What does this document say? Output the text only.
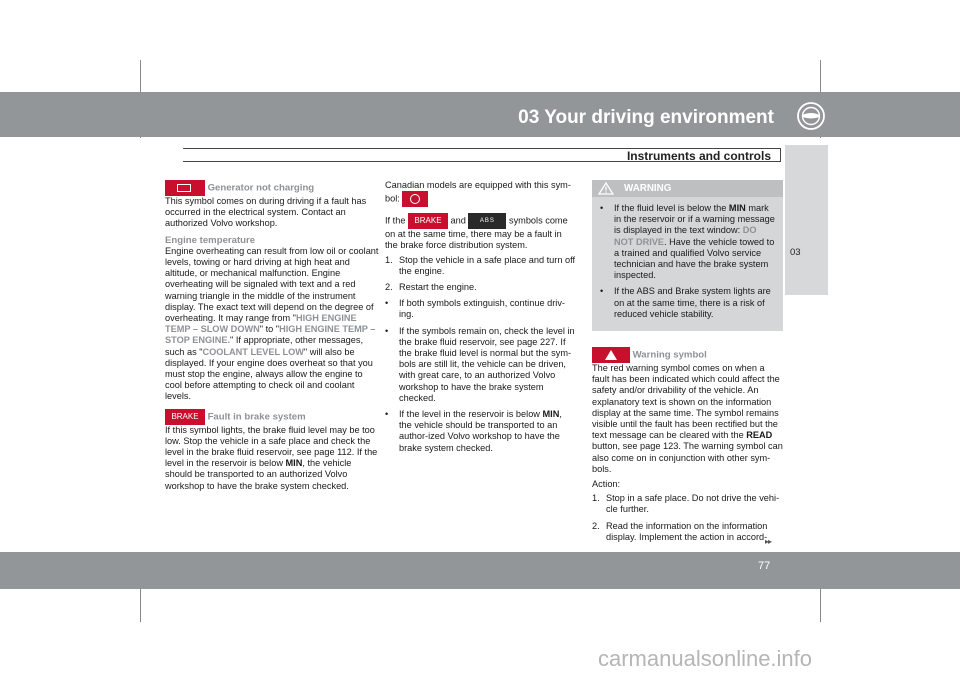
03 Your driving environment
Instruments and controls
03

Generator not charging
This symbol comes on during driving if a fault has occurred in the electrical system. Contact an authorized Volvo workshop.

Engine temperature
Engine overheating can result from low oil or coolant levels, towing or hard driving at high heat and altitude, or mechanical malfunction. Engine overheating will be signaled with text and a red warning triangle in the middle of the instrument display. The exact text will depend on the degree of overheating. It may range from "HIGH ENGINE TEMP – SLOW DOWN" to "HIGH ENGINE TEMP – STOP ENGINE." If appropriate, other messages, such as "COOLANT LEVEL LOW" will also be displayed. If your engine does overheat so that you must stop the engine, always allow the engine to cool before attempting to check oil and coolant levels.

BRAKE Fault in brake system
If this symbol lights, the brake fluid level may be too low. Stop the vehicle in a safe place and check the level in the brake fluid reservoir, see page 112. If the level in the reservoir is below MIN, the vehicle should be transported to an authorized Volvo workshop to have the brake system checked.

Canadian models are equipped with this sym-bol:

If the BRAKE and ABS symbols come on at the same time, there may be a fault in the brake force distribution system.

1. Stop the vehicle in a safe place and turn off the engine.
2. Restart the engine.
• If both symbols extinguish, continue driv-ing.
• If the symbols remain on, check the level in the brake fluid reservoir, see page 227. If the brake fluid level is normal but the sym-bols are still lit, the vehicle can be driven, with great care, to an authorized Volvo workshop to have the brake system checked.
• If the level in the reservoir is below MIN, the vehicle should be transported to an author-ized Volvo workshop to have the brake system checked.
WARNING
• If the fluid level is below the MIN mark in the reservoir or if a warning message is displayed in the text window: DO NOT DRIVE. Have the vehicle towed to a trained and qualified Volvo service technician and have the brake system inspected.
• If the ABS and Brake system lights are on at the same time, there is a risk of reduced vehicle stability.

Warning symbol
The red warning symbol comes on when a fault has been indicated which could affect the safety and/or drivability of the vehicle. An explanatory text is shown on the information display at the same time. The symbol remains visible until the fault has been rectified but the text message can be cleared with the READ button, see page 123. The warning symbol can also come on in conjunction with other sym-bols.

Action:

1. Stop in a safe place. Do not drive the vehi-cle further.
2. Read the information on the information display. Implement the action in accord-
▸▸
77
carmanualsonline.info
